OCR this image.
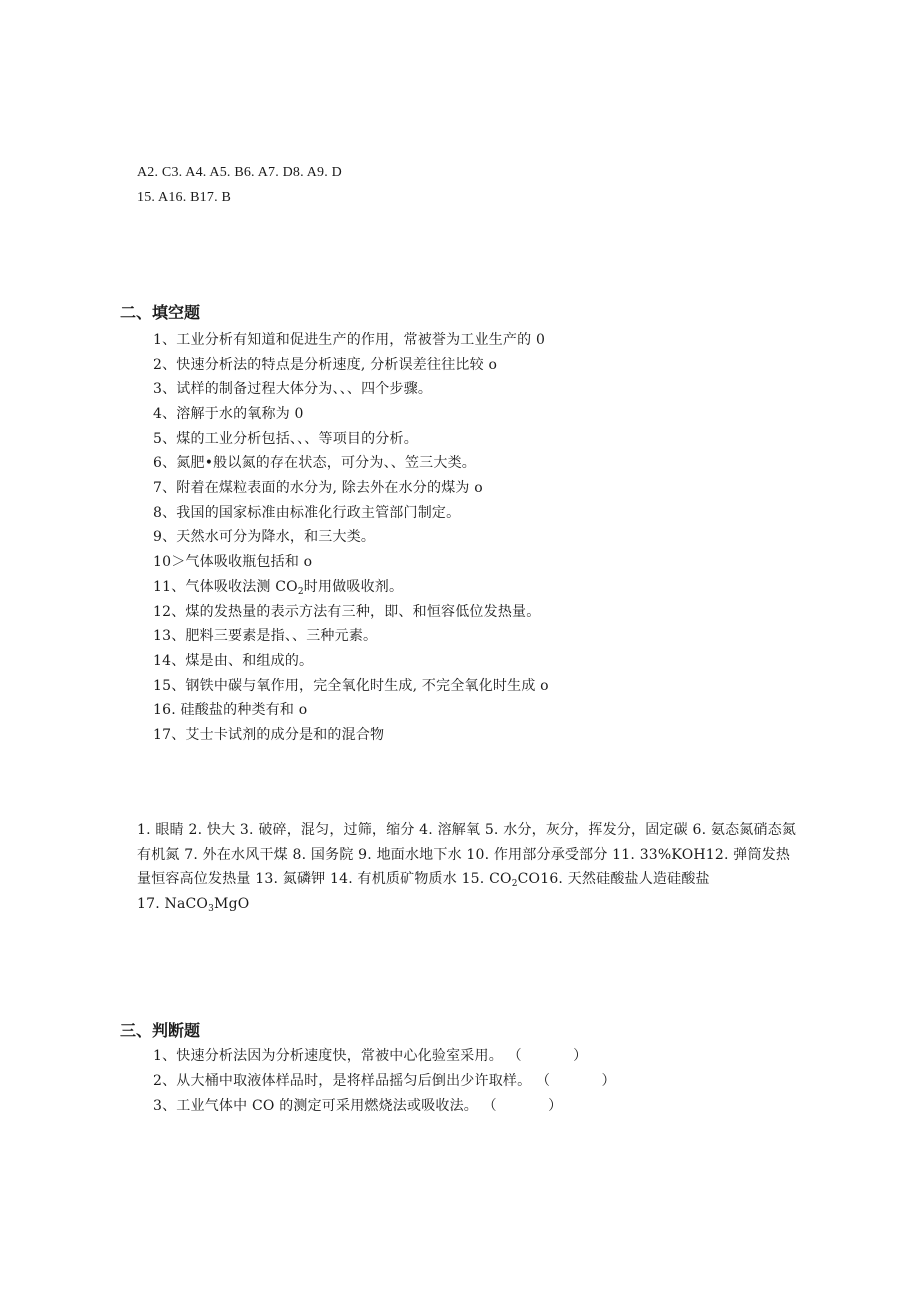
A2. C3. A4. A5. B6. A7. D8. A9. D
15. A16. B17. B
二、填空题
1、工业分析有知道和促进生产的作用，常被誉为工业生产的 0
2、快速分析法的特点是分析速度, 分析误差往往比较 o
3、试样的制备过程大体分为、、、四个步骤。
4、溶解于水的氧称为 0
5、煤的工业分析包括、、、等项目的分析。
6、氮肥•般以氮的存在状态，可分为、、笠三大类。
7、附着在煤粒表面的水分为, 除去外在水分的煤为 o
8、我国的国家标准由标准化行政主管部门制定。
9、天然水可分为降水，和三大类。
10＞气体吸收瓶包括和 o
11、气体吸收法测 $CO_2$时用做吸收剂。
12、煤的发热量的表示方法有三种，即、和恒容低位发热量。
13、肥料三要素是指、、三种元素。
14、煤是由、和组成的。
15、钢铁中碳与氧作用，完全氧化时生成, 不完全氧化时生成 o
16. 硅酸盐的种类有和 o
17、艾士卡试剂的成分是和的混合物
1. 眼睛 2. 快大 3. 破碎，混匀，过筛，缩分 4. 溶解氧 5. 水分，灰分，挥发分，固定碳 6. 氨态氮硝态氮有机氮 7. 外在水风干煤 8. 国务院 9. 地面水地下水 10. 作用部分承受部分 11. 33%KOH12. 弹筒发热量恒容高位发热量 13. 氮磷钾 14. 有机质矿物质水 15. $CO_2CO16$. 天然硅酸盐人造硅酸盐
17. NaCO$_3$MgO
三、判断题
1、快速分析法因为分析速度快，常被中心化验室采用。 （	）
2、从大桶中取液体样品时，是将样品摇匀后倒出少许取样。 （	）
3、工业气体中 CO 的测定可采用燃烧法或吸收法。 （	）
